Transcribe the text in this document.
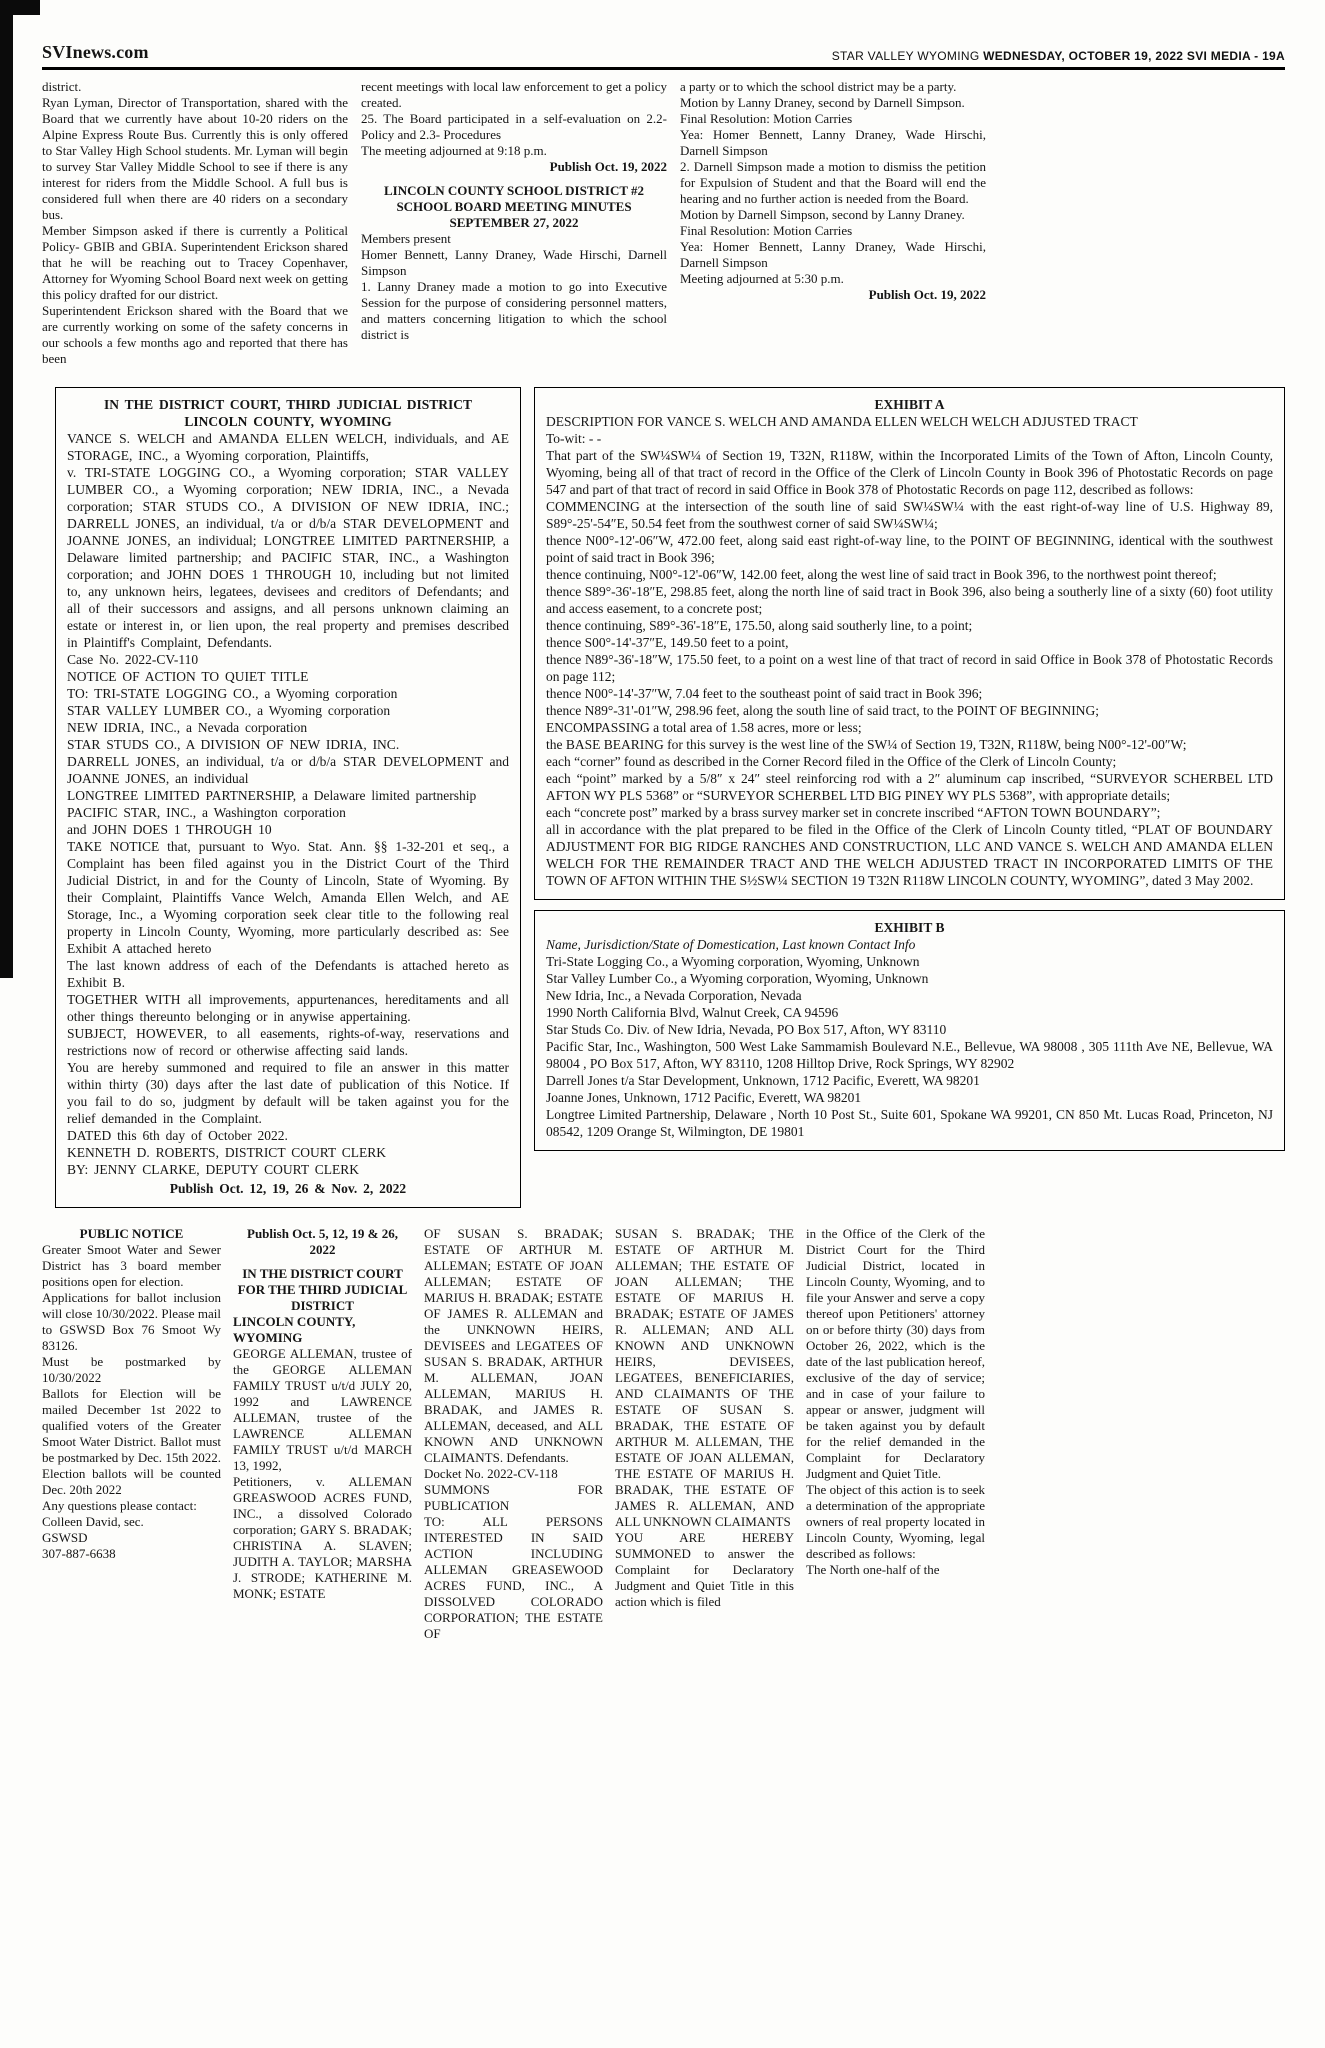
SVInews.com	STAR VALLEY WYOMING WEDNESDAY, OCTOBER 19, 2022 SVI MEDIA - 19A

district.

Ryan Lyman, Director of Transportation, shared with the Board that we currently have about 10-20 riders on the Alpine Express Route Bus. Currently this is only offered to Star Valley High School students. Mr. Lyman will begin to survey Star Valley Middle School to see if there is any interest for riders from the Middle School. A full bus is considered full when there are 40 riders on a secondary bus.

Member Simpson asked if there is currently a Political Policy- GBIB and GBIA. Superintendent Erickson shared that he will be reaching out to Tracey Copenhaver, Attorney for Wyoming School Board next week on getting this policy drafted for our district.

Superintendent Erickson shared with the Board that we are currently working on some of the safety concerns in our schools a few months ago and reported that there has been

recent meetings with local law enforcement to get a policy created.

25. The Board participated in a self-evaluation on 2.2- Policy and 2.3- Procedures

The meeting adjourned at 9:18 p.m.

Publish Oct. 19, 2022

LINCOLN COUNTY SCHOOL DISTRICT #2

SCHOOL BOARD MEETING MINUTES

SEPTEMBER 27, 2022

Members present

Homer Bennett, Lanny Draney, Wade Hirschi, Darnell Simpson

1. Lanny Draney made a motion to go into Executive Session for the purpose of considering personnel matters, and matters concerning litigation to which the school district is

a party or to which the school district may be a party.

Motion by Lanny Draney, second by Darnell Simpson.

Final Resolution: Motion Carries

Yea: Homer Bennett, Lanny Draney, Wade Hirschi, Darnell Simpson

2. Darnell Simpson made a motion to dismiss the petition for Expulsion of Student and that the Board will end the hearing and no further action is needed from the Board.

Motion by Darnell Simpson, second by Lanny Draney.

Final Resolution: Motion Carries

Yea: Homer Bennett, Lanny Draney, Wade Hirschi, Darnell Simpson

Meeting adjourned at 5:30 p.m.

Publish Oct. 19, 2022

IN THE DISTRICT COURT, THIRD JUDICIAL DISTRICT

LINCOLN COUNTY, WYOMING

VANCE S. WELCH and AMANDA ELLEN WELCH, individuals, and AE STORAGE, INC., a Wyoming corporation, Plaintiffs,

v. TRI-STATE LOGGING CO., a Wyoming corporation; STAR VALLEY LUMBER CO., a Wyoming corporation; NEW IDRIA, INC., a Nevada corporation; STAR STUDS CO., A DIVISION OF NEW IDRIA, INC.; DARRELL JONES, an individual, t/a or d/b/a STAR DEVELOPMENT and JOANNE JONES, an individual; LONGTREE LIMITED PARTNERSHIP, a Delaware limited partnership; and PACIFIC STAR, INC., a Washington corporation; and JOHN DOES 1 THROUGH 10, including but not limited to, any unknown heirs, legatees, devisees and creditors of Defendants; and all of their successors and assigns, and all persons unknown claiming an estate or interest in, or lien upon, the real property and premises described in Plaintiff's Complaint, Defendants.

Case No. 2022-CV-110

NOTICE OF ACTION TO QUIET TITLE

TO: TRI-STATE LOGGING CO., a Wyoming corporation

STAR VALLEY LUMBER CO., a Wyoming corporation

NEW IDRIA, INC., a Nevada corporation

STAR STUDS CO., A DIVISION OF NEW IDRIA, INC.

DARRELL JONES, an individual, t/a or d/b/a STAR DEVELOPMENT and JOANNE JONES, an individual

LONGTREE LIMITED PARTNERSHIP, a Delaware limited partnership

PACIFIC STAR, INC., a Washington corporation

and JOHN DOES 1 THROUGH 10

TAKE NOTICE that, pursuant to Wyo. Stat. Ann. §§ 1-32-201 et seq., a Complaint has been filed against you in the District Court of the Third Judicial District, in and for the County of Lincoln, State of Wyoming. By their Complaint, Plaintiffs Vance Welch, Amanda Ellen Welch, and AE Storage, Inc., a Wyoming corporation seek clear title to the following real property in Lincoln County, Wyoming, more particularly described as: See Exhibit A attached hereto

The last known address of each of the Defendants is attached hereto as Exhibit B.

TOGETHER WITH all improvements, appurtenances, hereditaments and all other things thereunto belonging or in anywise appertaining.

SUBJECT, HOWEVER, to all easements, rights-of-way, reservations and restrictions now of record or otherwise affecting said lands.

You are hereby summoned and required to file an answer in this matter within thirty (30) days after the last date of publication of this Notice. If you fail to do so, judgment by default will be taken against you for the relief demanded in the Complaint.

DATED this 6th day of October 2022.

KENNETH D. ROBERTS, DISTRICT COURT CLERK

BY: JENNY CLARKE, DEPUTY COURT CLERK

Publish Oct. 12, 19, 26 & Nov. 2, 2022

EXHIBIT A

DESCRIPTION FOR VANCE S. WELCH AND AMANDA ELLEN WELCH WELCH ADJUSTED TRACT

To-wit: - -

That part of the SW¼SW¼ of Section 19, T32N, R118W, within the Incorporated Limits of the Town of Afton, Lincoln County, Wyoming, being all of that tract of record in the Office of the Clerk of Lincoln County in Book 396 of Photostatic Records on page 547 and part of that tract of record in said Office in Book 378 of Photostatic Records on page 112, described as follows:

COMMENCING at the intersection of the south line of said SW¼SW¼ with the east right-of-way line of U.S. Highway 89, S89°-25'-54″E, 50.54 feet from the southwest corner of said SW¼SW¼;

thence N00°-12'-06″W, 472.00 feet, along said east right-of-way line, to the POINT OF BEGINNING, identical with the southwest point of said tract in Book 396;

thence continuing, N00°-12'-06″W, 142.00 feet, along the west line of said tract in Book 396, to the northwest point thereof;

thence S89°-36'-18″E, 298.85 feet, along the north line of said tract in Book 396, also being a southerly line of a sixty (60) foot utility and access easement, to a concrete post;

thence continuing, S89°-36'-18″E, 175.50, along said southerly line, to a point;

thence S00°-14'-37″E, 149.50 feet to a point,

thence N89°-36'-18″W, 175.50 feet, to a point on a west line of that tract of record in said Office in Book 378 of Photostatic Records on page 112;

thence N00°-14'-37″W, 7.04 feet to the southeast point of said tract in Book 396;

thence N89°-31'-01″W, 298.96 feet, along the south line of said tract, to the POINT OF BEGINNING;

ENCOMPASSING a total area of 1.58 acres, more or less;

the BASE BEARING for this survey is the west line of the SW¼ of Section 19, T32N, R118W, being N00°-12'-00″W;

each “corner” found as described in the Corner Record filed in the Office of the Clerk of Lincoln County;

each “point” marked by a 5/8″ x 24″ steel reinforcing rod with a 2″ aluminum cap inscribed, “SURVEYOR SCHERBEL LTD AFTON WY PLS 5368” or “SURVEYOR SCHERBEL LTD BIG PINEY WY PLS 5368”, with appropriate details;

each “concrete post” marked by a brass survey marker set in concrete inscribed “AFTON TOWN BOUNDARY”;

all in accordance with the plat prepared to be filed in the Office of the Clerk of Lincoln County titled, “PLAT OF BOUNDARY ADJUSTMENT FOR BIG RIDGE RANCHES AND CONSTRUCTION, LLC AND VANCE S. WELCH AND AMANDA ELLEN WELCH FOR THE REMAINDER TRACT AND THE WELCH ADJUSTED TRACT IN INCORPORATED LIMITS OF THE TOWN OF AFTON WITHIN THE S½SW¼ SECTION 19 T32N R118W LINCOLN COUNTY, WYOMING”, dated 3 May 2002.

EXHIBIT B

Name, Jurisdiction/State of Domestication, Last known Contact Info

Tri-State Logging Co., a Wyoming corporation, Wyoming, Unknown

Star Valley Lumber Co., a Wyoming corporation, Wyoming, Unknown

New Idria, Inc., a Nevada Corporation, Nevada

1990 North California Blvd, Walnut Creek, CA 94596

Star Studs Co. Div. of New Idria, Nevada, PO Box 517, Afton, WY 83110

Pacific Star, Inc., Washington, 500 West Lake Sammamish Boulevard N.E., Bellevue, WA 98008 , 305 111th Ave NE, Bellevue, WA 98004 , PO Box 517, Afton, WY 83110, 1208 Hilltop Drive, Rock Springs, WY 82902

Darrell Jones t/a Star Development, Unknown, 1712 Pacific, Everett, WA 98201

Joanne Jones, Unknown, 1712 Pacific, Everett, WA 98201

Longtree Limited Partnership, Delaware , North 10 Post St., Suite 601, Spokane WA 99201, CN 850 Mt. Lucas Road, Princeton, NJ 08542, 1209 Orange St, Wilmington, DE 19801

PUBLIC NOTICE

Greater Smoot Water and Sewer District has 3 board member positions open for election.

Applications for ballot inclusion will close 10/30/2022. Please mail to GSWSD Box 76 Smoot Wy 83126.

Must be postmarked by 10/30/2022

Ballots for Election will be mailed December 1st 2022 to qualified voters of the Greater Smoot Water District. Ballot must be postmarked by Dec. 15th 2022. Election ballots will be counted Dec. 20th 2022

Any questions please contact:

Colleen David, sec.

GSWSD

307-887-6638

Publish Oct. 5, 12, 19 & 26, 2022

IN THE DISTRICT COURT FOR THE THIRD JUDICIAL DISTRICT

LINCOLN COUNTY, WYOMING

GEORGE ALLEMAN, trustee of the GEORGE ALLEMAN FAMILY TRUST u/t/d JULY 20, 1992 and LAWRENCE ALLEMAN, trustee of the LAWRENCE ALLEMAN FAMILY TRUST u/t/d MARCH 13, 1992,

Petitioners, v. ALLEMAN GREASWOOD ACRES FUND, INC., a dissolved Colorado corporation; GARY S. BRADAK; CHRISTINA A. SLAVEN; JUDITH A. TAYLOR; MARSHA J. STRODE; KATHERINE M. MONK; ESTATE

OF SUSAN S. BRADAK; ESTATE OF ARTHUR M. ALLEMAN; ESTATE OF JOAN ALLEMAN; ESTATE OF MARIUS H. BRADAK; ESTATE OF JAMES R. ALLEMAN and the UNKNOWN HEIRS, DEVISEES and LEGATEES OF SUSAN S. BRADAK, ARTHUR M. ALLEMAN, JOAN ALLEMAN, MARIUS H. BRADAK, and JAMES R. ALLEMAN, deceased, and ALL KNOWN AND UNKNOWN CLAIMANTS. Defendants.

Docket No. 2022-CV-118

SUMMONS FOR PUBLICATION

TO: ALL PERSONS INTERESTED IN SAID ACTION INCLUDING ALLEMAN GREASEWOOD ACRES FUND, INC., A DISSOLVED COLORADO CORPORATION; THE ESTATE OF

SUSAN S. BRADAK; THE ESTATE OF ARTHUR M. ALLEMAN; THE ESTATE OF JOAN ALLEMAN; THE ESTATE OF MARIUS H. BRADAK; ESTATE OF JAMES R. ALLEMAN; AND ALL KNOWN AND UNKNOWN HEIRS, DEVISEES, LEGATEES, BENEFICIARIES, AND CLAIMANTS OF THE ESTATE OF SUSAN S. BRADAK, THE ESTATE OF ARTHUR M. ALLEMAN, THE ESTATE OF JOAN ALLEMAN, THE ESTATE OF MARIUS H. BRADAK, THE ESTATE OF JAMES R. ALLEMAN, AND ALL UNKNOWN CLAIMANTS

YOU ARE HEREBY SUMMONED to answer the Complaint for Declaratory Judgment and Quiet Title in this action which is filed

in the Office of the Clerk of the District Court for the Third Judicial District, located in Lincoln County, Wyoming, and to file your Answer and serve a copy thereof upon Petitioners' attorney on or before thirty (30) days from October 26, 2022, which is the date of the last publication hereof, exclusive of the day of service; and in case of your failure to appear or answer, judgment will be taken against you by default for the relief demanded in the Complaint for Declaratory Judgment and Quiet Title.

The object of this action is to seek a determination of the appropriate owners of real property located in Lincoln County, Wyoming, legal described as follows:

The North one-half of the
